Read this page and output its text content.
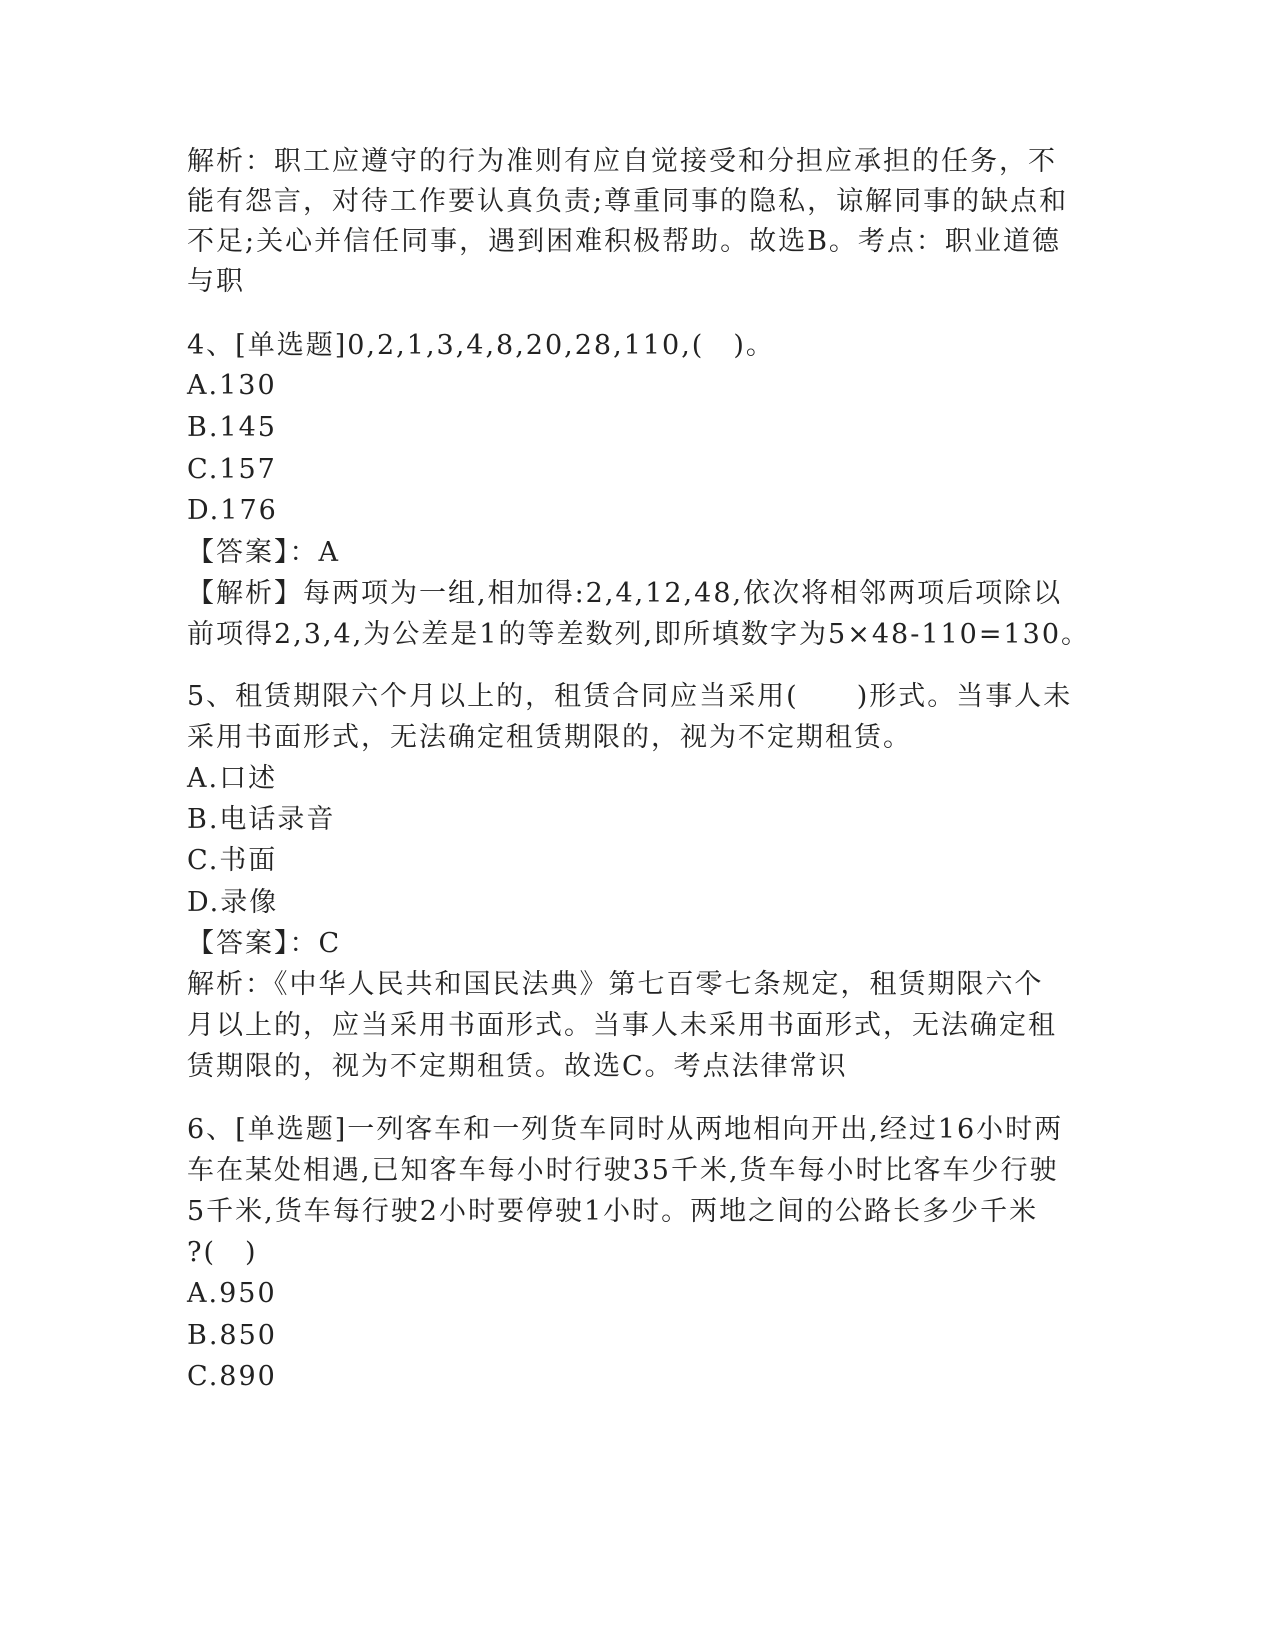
解析：职工应遵守的行为准则有应自觉接受和分担应承担的任务，不
能有怨言，对待工作要认真负责;尊重同事的隐私，谅解同事的缺点和
不足;关心并信任同事，遇到困难积极帮助。故选B。考点：职业道德
与职
4、[单选题]0,2,1,3,4,8,20,28,110,(　)。
A.130
B.145
C.157
D.176
【答案】：A
【解析】每两项为一组,相加得:2,4,12,48,依次将相邻两项后项除以
前项得2,3,4,为公差是1的等差数列,即所填数字为5×48-110=130。
5、租赁期限六个月以上的，租赁合同应当采用(　　)形式。当事人未
采用书面形式，无法确定租赁期限的，视为不定期租赁。
A.口述
B.电话录音
C.书面
D.录像
【答案】：C
解析：《中华人民共和国民法典》第七百零七条规定，租赁期限六个
月以上的，应当采用书面形式。当事人未采用书面形式，无法确定租
赁期限的，视为不定期租赁。故选C。考点法律常识
6、[单选题]一列客车和一列货车同时从两地相向开出,经过16小时两
车在某处相遇,已知客车每小时行驶35千米,货车每小时比客车少行驶
5千米,货车每行驶2小时要停驶1小时。两地之间的公路长多少千米
?(　)
A.950
B.850
C.890
